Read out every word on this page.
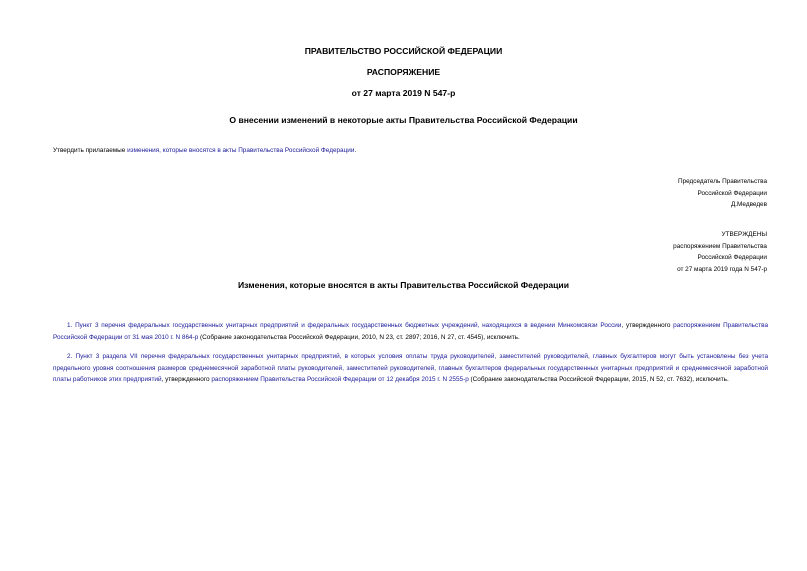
ПРАВИТЕЛЬСТВО РОССИЙСКОЙ ФЕДЕРАЦИИ
РАСПОРЯЖЕНИЕ
от 27 марта 2019 N 547-р
О внесении изменений в некоторые акты Правительства Российской Федерации
Утвердить прилагаемые изменения, которые вносятся в акты Правительства Российской Федерации.
Председатель Правительства
Российской Федерации
Д.Медведев
УТВЕРЖДЕНЫ
распоряжением Правительства
Российской Федерации
от 27 марта 2019 года N 547-р
Изменения, которые вносятся в акты Правительства Российской Федерации
1. Пункт 3 перечня федеральных государственных унитарных предприятий и федеральных государственных бюджетных учреждений, находящихся в ведении Минкомсвязи России, утвержденного распоряжением Правительства Российской Федерации от 31 мая 2010 г. N 864-р (Собрание законодательства Российской Федерации, 2010, N 23, ст. 2897; 2016, N 27, ст. 4545), исключить.
2. Пункт 3 раздела VII перечня федеральных государственных унитарных предприятий, в которых условия оплаты труда руководителей, заместителей руководителей, главных бухгалтеров могут быть установлены без учета предельного уровня соотношения размеров среднемесячной заработной платы руководителей, заместителей руководителей, главных бухгалтеров федеральных государственных унитарных предприятий и среднемесячной заработной платы работников этих предприятий, утвержденного распоряжением Правительства Российской Федерации от 12 декабря 2015 г. N 2555-р (Собрание законодательства Российской Федерации, 2015, N 52, ст. 7632), исключить.
